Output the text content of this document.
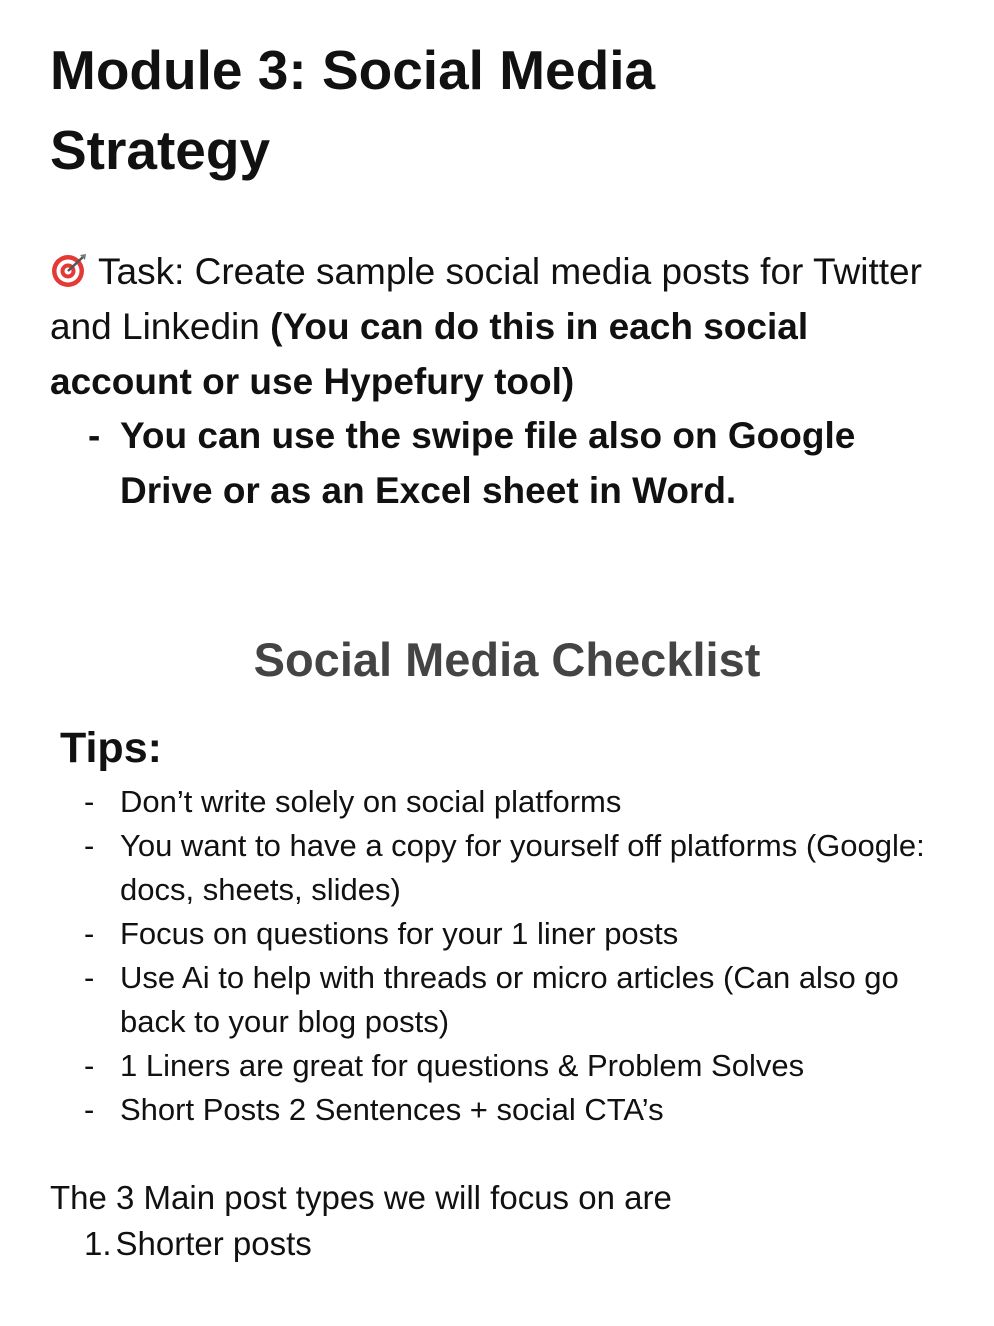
Module 3: Social Media
Strategy

Task: Create sample social media posts for Twitter and Linkedin (You can do this in each social account or use Hypefury tool)

- You can use the swipe file also on Google Drive or as an Excel sheet in Word.
Social Media Checklist
Tips:
- Don’t write solely on social platforms
- You want to have a copy for yourself off platforms (Google: docs, sheets, slides)
- Focus on questions for your 1 liner posts
- Use Ai to help with threads or micro articles (Can also go back to your blog posts)
- 1 Liners are great for questions & Problem Solves
- Short Posts 2 Sentences + social CTA’s

The 3 Main post types we will focus on are

1. Shorter posts
